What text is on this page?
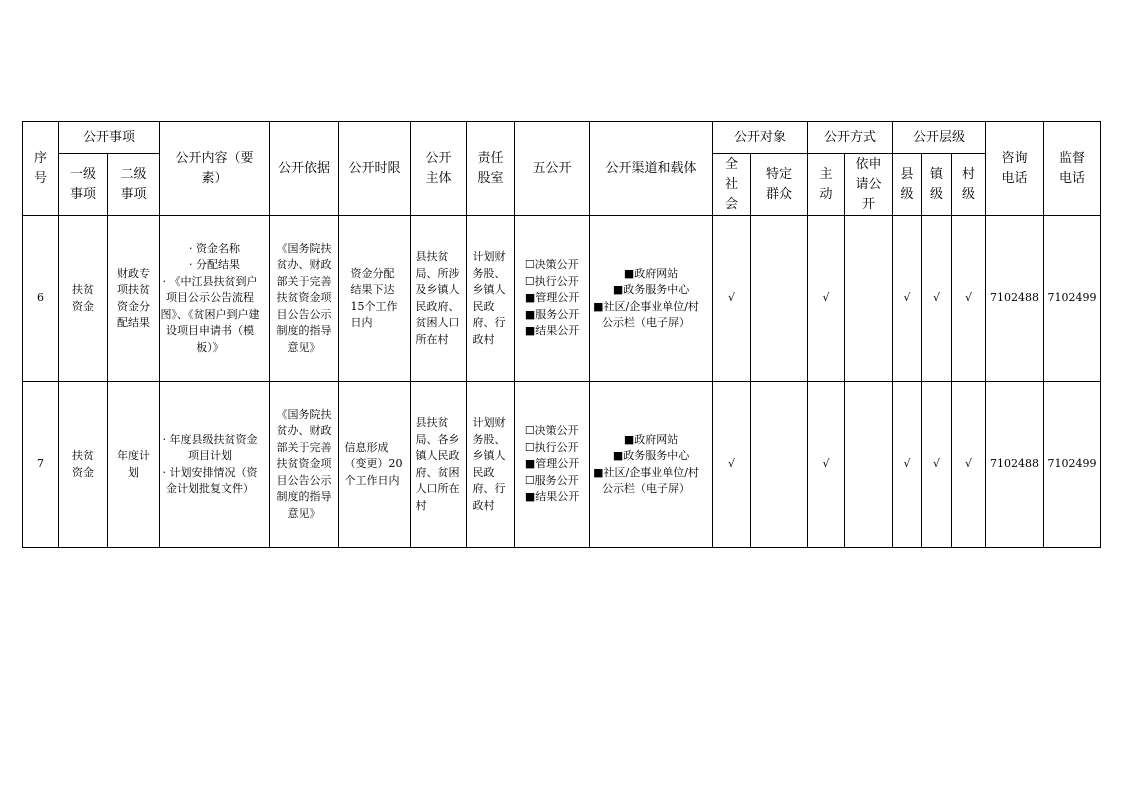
序号	公开事项		公开内容（要素）	公开依据	公开时限	公开主体	责任股室	五公开	公开渠道和载体	公开对象		公开方式		公开层级			咨询电话	监督电话
	一级事项	二级事项								全社会	特定群众	主动	依申请公开	县级	镇级	村级		
6	扶贫资金	财政专项扶贫资金分配结果	· 资金名称
· 分配结果
· 《中江县扶贫到户项目公示公告流程图》、《贫困户到户建设项目申请书（模板）》	《国务院扶贫办、财政部关于完善扶贫资金项目公告公示制度的指导意见》	资金分配结果下达15个工作日内	县扶贫局、所涉及乡镇人民政府、贫困人口所在村	计划财务股、乡镇人民政府、行政村	☐决策公开
☐执行公开
■管理公开
■服务公开
■结果公开	■政府网站
■政务服务中心
■社区/企事业单位/村公示栏（电子屏）	√		√		√	√	√	7102488	7102499
7	扶贫资金	年度计划	· 年度县级扶贫资金项目计划
· 计划安排情况（资金计划批复文件）	《国务院扶贫办、财政部关于完善扶贫资金项目公告公示制度的指导意见》	信息形成（变更）20个工作日内	县扶贫局、各乡镇人民政府、贫困人口所在村	计划财务股、乡镇人民政府、行政村	☐决策公开
☐执行公开
■管理公开
☐服务公开
■结果公开	■政府网站
■政务服务中心
■社区/企事业单位/村公示栏（电子屏）	√		√		√	√	√	7102488	7102499
